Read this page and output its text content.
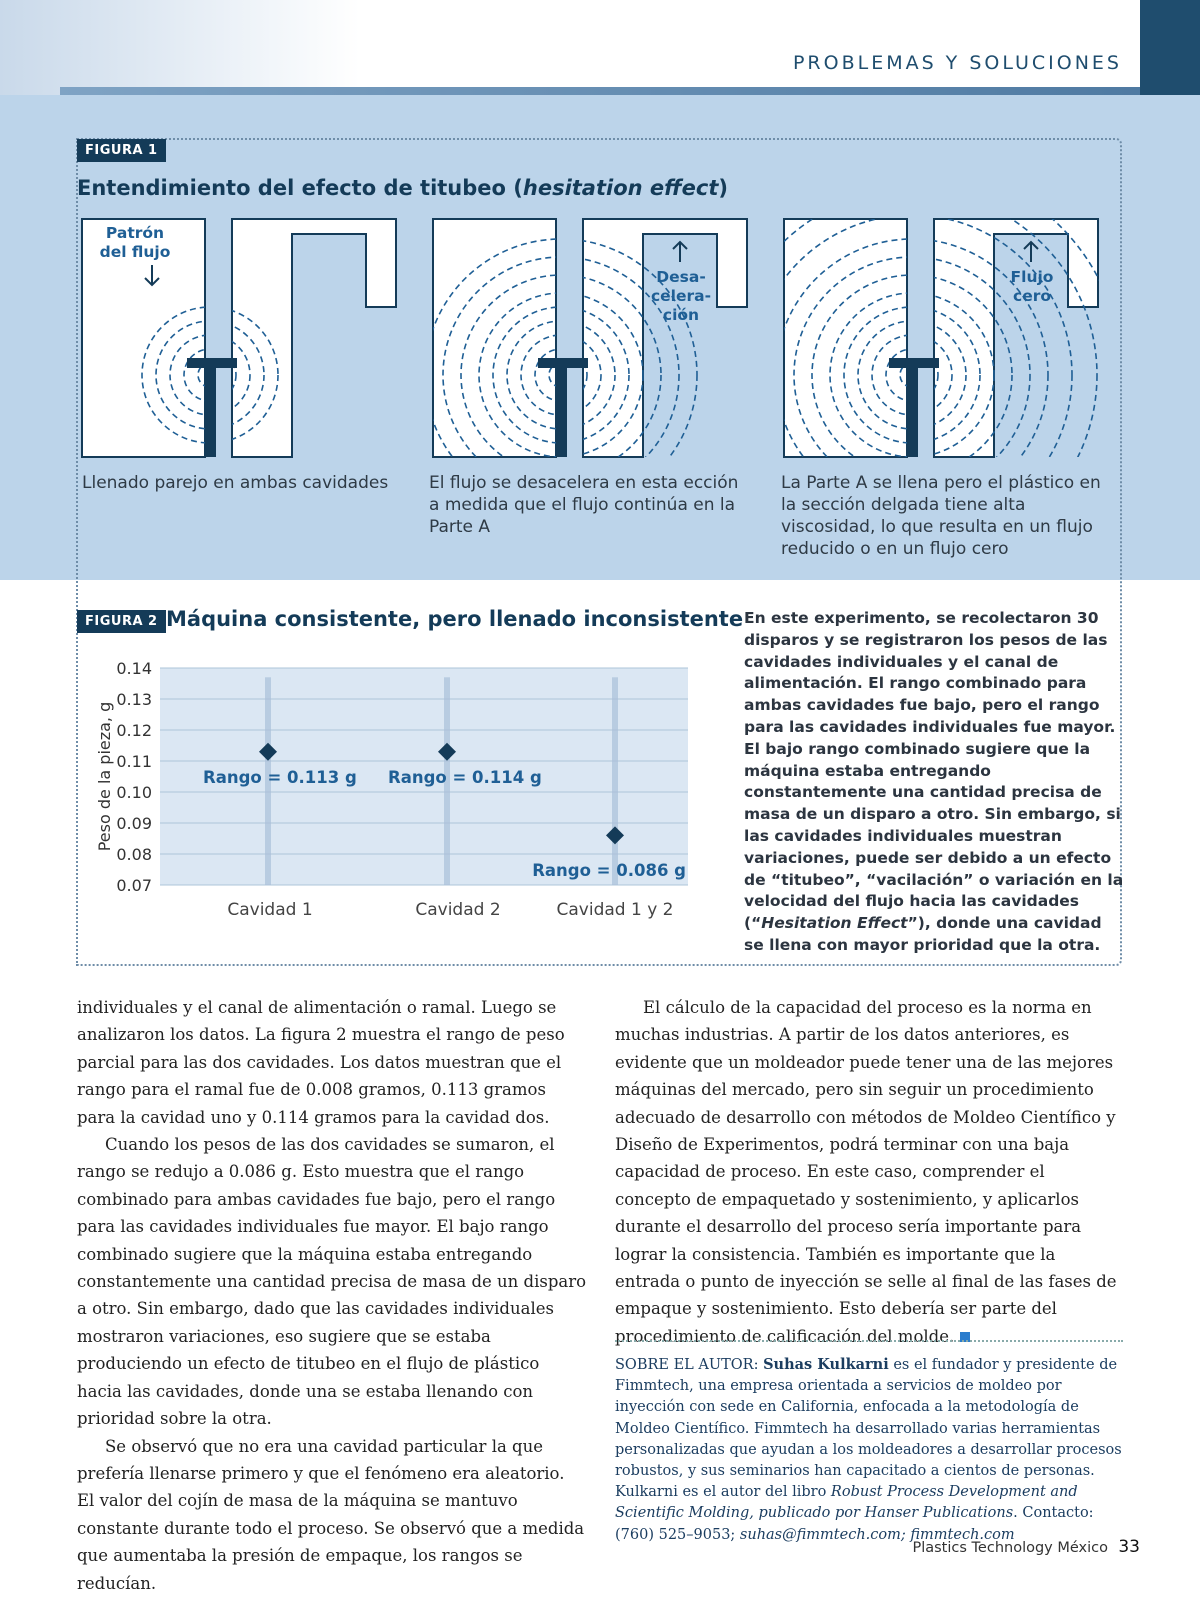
PROBLEMAS Y SOLUCIONES
FIGURA 1
Entendimiento del efecto de titubeo (hesitation effect)
Patrón
del flujo
Desa-
celera-
ción
Flujo
cero
Llenado parejo en ambas cavidades	El flujo se desacelera en esta ección a medida que el flujo continúa en la Parte A
La Parte A se llena pero el plástico en la sección delgada tiene alta viscosidad, lo que resulta en un flujo reducido o en un flujo cero
FIGURA 2 Máquina consistente, pero llenado inconsistente
0.14
0.13
0.12
0.11
0.10
0.09
0.08
0.07
Peso de la pieza, g
Cavidad 1	Cavidad 2	Cavidad 1 y 2
Rango = 0.113 g Rango = 0.114 g
Rango = 0.086 g
En este experimento, se recolectaron 30 disparos y se registraron los pesos de las cavidades individuales y el canal de alimentación. El rango combinado para ambas cavidades fue bajo, pero el rango para las cavidades individuales fue mayor. El bajo rango combinado sugiere que la máquina estaba entregando constantemente una cantidad precisa de masa de un disparo a otro. Sin embargo, si las cavidades individuales muestran variaciones, puede ser debido a un efecto de “titubeo”, “vacilación” o variación en la velocidad del flujo hacia las cavidades (“Hesitation Effect”), donde una cavidad se llena con mayor prioridad que la otra.

individuales y el canal de alimentación o ramal. Luego se analizaron los datos. La figura 2 muestra el rango de peso parcial para las dos cavidades. Los datos muestran que el rango para el ramal fue de 0.008 gramos, 0.113 gramos para la cavidad uno y 0.114 gramos para la cavidad dos.

Cuando los pesos de las dos cavidades se sumaron, el rango se redujo a 0.086 g. Esto muestra que el rango combinado para ambas cavidades fue bajo, pero el rango para las cavidades individuales fue mayor. El bajo rango combinado sugiere que la máquina estaba entregando constantemente una cantidad precisa de masa de un disparo a otro. Sin embargo, dado que las cavidades individuales mostraron variaciones, eso sugiere que se estaba produciendo un efecto de titubeo en el flujo de plástico hacia las cavidades, donde una se estaba llenando con prioridad sobre la otra.

Se observó que no era una cavidad particular la que prefería llenarse primero y que el fenómeno era aleatorio. El valor del cojín de masa de la máquina se mantuvo constante durante todo el proceso. Se observó que a medida que aumentaba la presión de empaque, los rangos se reducían.

El cálculo de la capacidad del proceso es la norma en muchas industrias. A partir de los datos anteriores, es evidente que un moldeador puede tener una de las mejores máquinas del mercado, pero sin seguir un procedimiento adecuado de desarrollo con métodos de Moldeo Científico y Diseño de Experimentos, podrá terminar con una baja capacidad de proceso. En este caso, comprender el concepto de empaquetado y sostenimiento, y aplicarlos durante el desarrollo del proceso sería importante para lograr la consistencia. También es importante que la entrada o punto de inyección se selle al final de las fases de empaque y sostenimiento. Esto debería ser parte del procedimiento de calificación del molde.

SOBRE EL AUTOR: Suhas Kulkarni es el fundador y presidente de Fimmtech, una empresa orientada a servicios de moldeo por inyección con sede en California, enfocada a la metodología de Moldeo Científico. Fimmtech ha desarrollado varias herramientas personalizadas que ayudan a los moldeadores a desarrollar procesos robustos, y sus seminarios han capacitado a cientos de personas. Kulkarni es el autor del libro Robust Process Development and Scientific Molding, publicado por Hanser Publications. Contacto: (760) 525–9053; suhas@fimmtech.com; fimmtech.com
Plastics Technology México 33
